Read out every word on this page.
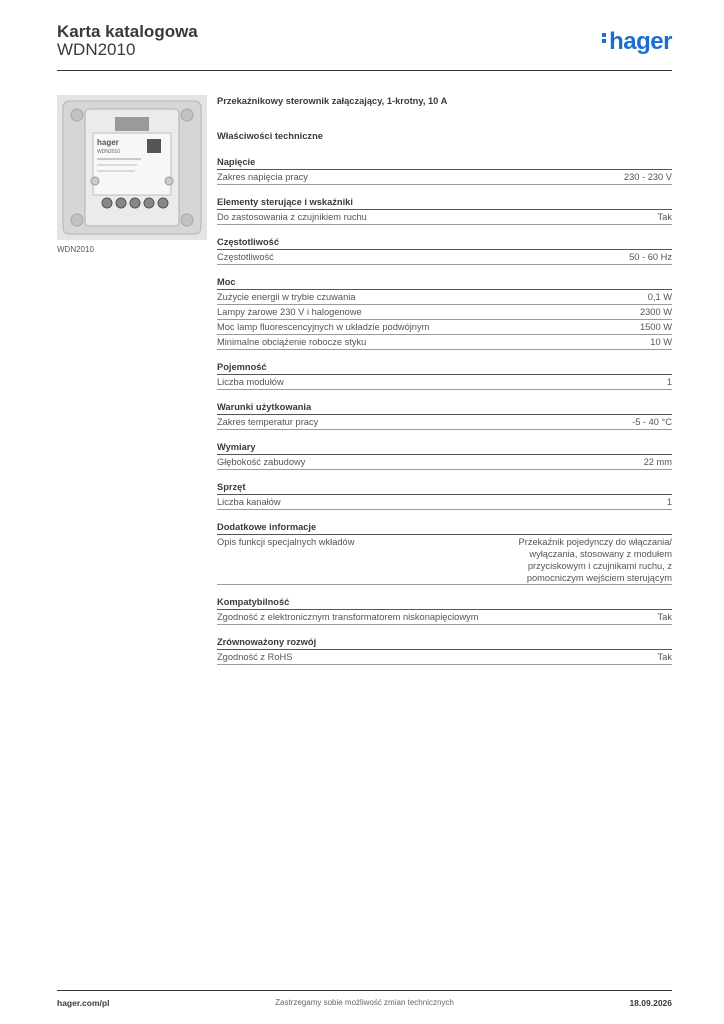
Karta katalogowa
WDN2010	hager
hager
WDN2010
WDN2010
Przekaźnikowy sterownik załączający, 1-krotny, 10 A
Właściwości techniczne
Napięcie
Zakres napięcia pracy	230 - 230 V
Elementy sterujące i wskaźniki
Do zastosowania z czujnikiem ruchu	Tak
Częstotliwość
Częstotliwość	50 - 60 Hz
Moc
Zużycie energii w trybie czuwania	0,1 W
Lampy żarowe 230 V i halogenowe	2300 W
Moc lamp fluorescencyjnych w układzie podwójnym	1500 W
Minimalne obciążenie robocze styku	10 W
Pojemność
Liczba modułów	1
Warunki użytkowania
Zakres temperatur pracy	-5 - 40 °C
Wymiary
Głębokość zabudowy	22 mm
Sprzęt
Liczba kanałów	1
Dodatkowe informacje
Opis funkcji specjalnych wkładów	Przekaźnik pojedynczy do włączania/ wyłączania, stosowany z modułem przyciskowym i czujnikami ruchu, z pomocniczym wejściem sterującym
Kompatybilność
Zgodność z elektronicznym transformatorem niskonapięciowym	Tak
Zrównoważony rozwój
Zgodność z RoHS	Tak
hager.com/pl	Zastrzegamy sobie możliwość zmian technicznych	18.09.2026
